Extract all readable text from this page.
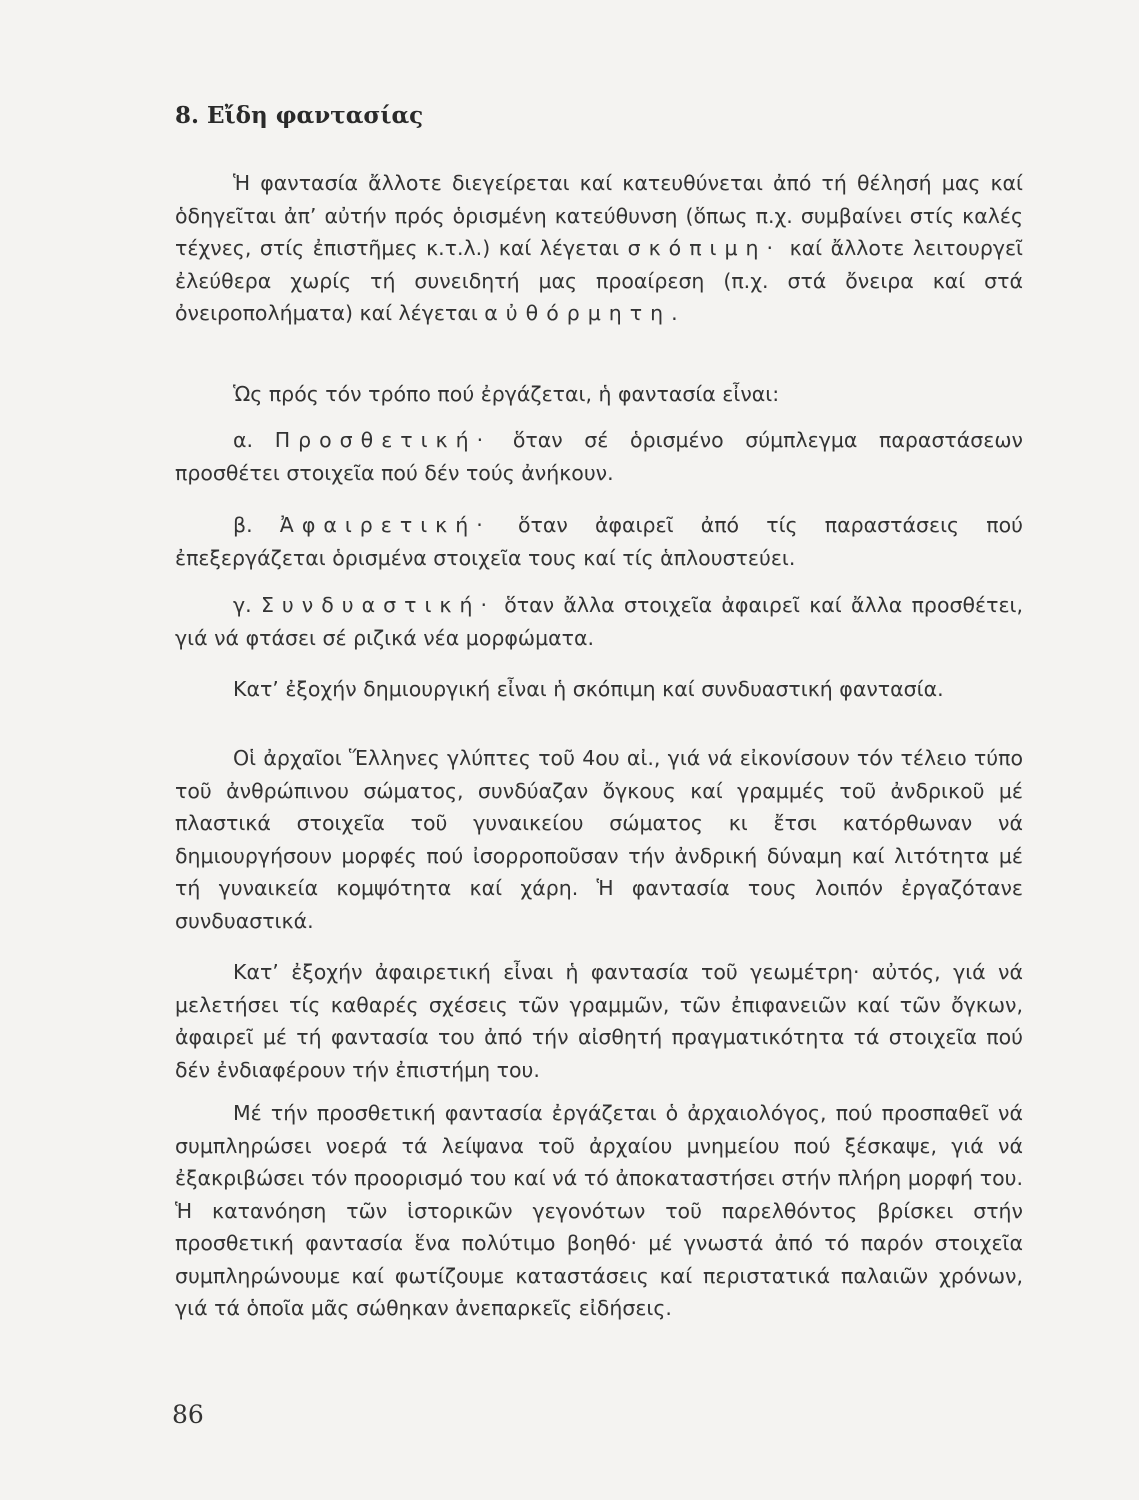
8. Εἴδη φαντασίας

Ἡ φαντασία ἄλλοτε διεγείρεται καί κατευθύνεται ἀπό τή θέλησή μας καί ὁδηγεῖται ἀπ’ αὐτήν πρός ὁρισμένη κατεύθυνση (ὅπως π.χ. συμβαίνει στίς καλές τέχνες, στίς ἐπιστῆμες κ.τ.λ.) καί λέγεται σκόπιμη· καί ἄλλοτε λειτουργεῖ ἐλεύθερα χωρίς τή συνειδητή μας προαίρεση (π.χ. στά ὄνειρα καί στά ὀνειροπολήματα) καί λέγεται αὐθόρμητη.

Ὡς πρός τόν τρόπο πού ἐργάζεται, ἡ φαντασία εἶναι:

α. Προσθετική· ὅταν σέ ὁρισμένο σύμπλεγμα παραστάσεων προσθέτει στοιχεῖα πού δέν τούς ἀνήκουν.

β. Ἀφαιρετική· ὅταν ἀφαιρεῖ ἀπό τίς παραστάσεις πού ἐπεξεργάζεται ὁρισμένα στοιχεῖα τους καί τίς ἁπλουστεύει.

γ. Συνδυαστική· ὅταν ἄλλα στοιχεῖα ἀφαιρεῖ καί ἄλλα προσθέτει, γιά νά φτάσει σέ ριζικά νέα μορφώματα.

Κατ’ ἐξοχήν δημιουργική εἶναι ἡ σκόπιμη καί συνδυαστική φαντασία.

Οἱ ἀρχαῖοι Ἕλληνες γλύπτες τοῦ 4ου αἰ., γιά νά εἰκονίσουν τόν τέλειο τύπο τοῦ ἀνθρώπινου σώματος, συνδύαζαν ὄγκους καί γραμμές τοῦ ἀνδρικοῦ μέ πλαστικά στοιχεῖα τοῦ γυναικείου σώματος κι ἔτσι κατόρθωναν νά δημιουργήσουν μορφές πού ἰσορροποῦσαν τήν ἀνδρική δύναμη καί λιτότητα μέ τή γυναικεία κομψότητα καί χάρη. Ἡ φαντασία τους λοιπόν ἐργαζότανε συνδυαστικά.

Κατ’ ἐξοχήν ἀφαιρετική εἶναι ἡ φαντασία τοῦ γεωμέτρη· αὐτός, γιά νά μελετήσει τίς καθαρές σχέσεις τῶν γραμμῶν, τῶν ἐπιφανειῶν καί τῶν ὄγκων, ἀφαιρεῖ μέ τή φαντασία του ἀπό τήν αἰσθητή πραγματικότητα τά στοιχεῖα πού δέν ἐνδιαφέρουν τήν ἐπιστήμη του.

Μέ τήν προσθετική φαντασία ἐργάζεται ὁ ἀρχαιολόγος, πού προσπαθεῖ νά συμπληρώσει νοερά τά λείψανα τοῦ ἀρχαίου μνημείου πού ξέσκαψε, γιά νά ἐξακριβώσει τόν προορισμό του καί νά τό ἀποκαταστήσει στήν πλήρη μορφή του. Ἡ κατανόηση τῶν ἱστορικῶν γεγονότων τοῦ παρελθόντος βρίσκει στήν προσθετική φαντασία ἕνα πολύτιμο βοηθό· μέ γνωστά ἀπό τό παρόν στοιχεῖα συμπληρώνουμε καί φωτίζουμε καταστάσεις καί περιστατικά παλαιῶν χρόνων, γιά τά ὁποῖα μᾶς σώθηκαν ἀνεπαρκεῖς εἰδήσεις.

86
